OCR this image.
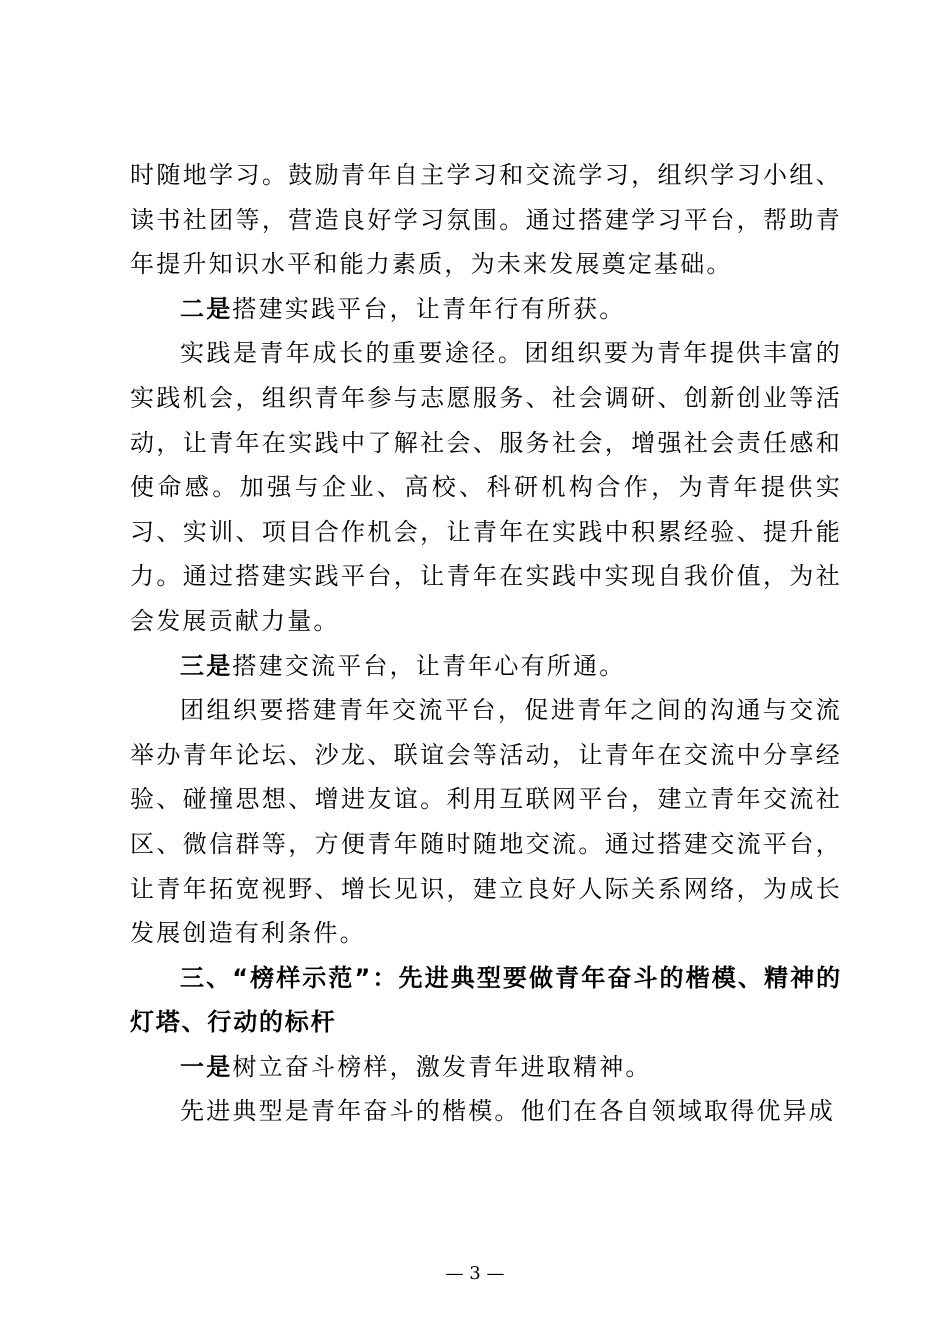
时随地学习。鼓励青年自主学习和交流学习，组织学习小组、读书社团等，营造良好学习氛围。通过搭建学习平台，帮助青年提升知识水平和能力素质，为未来发展奠定基础。

二是搭建实践平台，让青年行有所获。

实践是青年成长的重要途径。团组织要为青年提供丰富的实践机会，组织青年参与志愿服务、社会调研、创新创业等活动，让青年在实践中了解社会、服务社会，增强社会责任感和使命感。加强与企业、高校、科研机构合作，为青年提供实习、实训、项目合作机会，让青年在实践中积累经验、提升能力。通过搭建实践平台，让青年在实践中实现自我价值，为社会发展贡献力量。

三是搭建交流平台，让青年心有所通。

团组织要搭建青年交流平台，促进青年之间的沟通与交流举办青年论坛、沙龙、联谊会等活动，让青年在交流中分享经验、碰撞思想、增进友谊。利用互联网平台，建立青年交流社区、微信群等，方便青年随时随地交流。通过搭建交流平台，让青年拓宽视野、增长见识，建立良好人际关系网络，为成长发展创造有利条件。

三、“榜样示范”：先进典型要做青年奋斗的楷模、精神的灯塔、行动的标杆

一是树立奋斗榜样，激发青年进取精神。

先进典型是青年奋斗的楷模。他们在各自领域取得优异成

— 3 —
